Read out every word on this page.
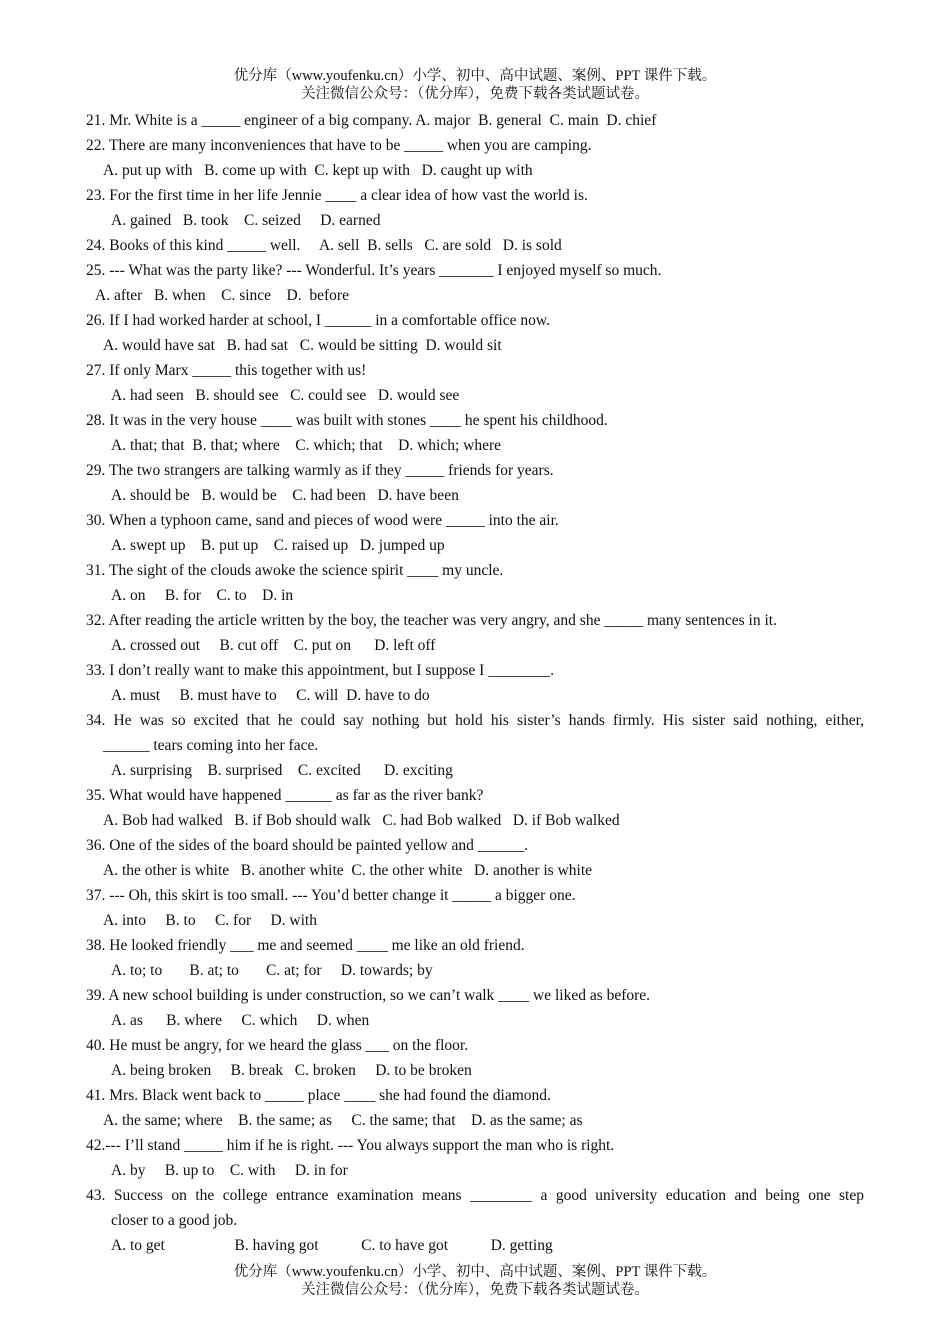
优分库（www.youfenku.cn）小学、初中、高中试题、案例、PPT 课件下载。
关注微信公众号：（优分库），免费下载各类试题试卷。
21. Mr. White is a _____ engineer of a big company. A. major  B. general  C. main  D. chief
22. There are many inconveniences that have to be _____ when you are camping.
A. put up with   B. come up with  C. kept up with   D. caught up with
23. For the first time in her life Jennie ____ a clear idea of how vast the world is.
A. gained   B. took    C. seized     D. earned
24. Books of this kind _____ well.     A. sell  B. sells   C. are sold   D. is sold
25. --- What was the party like? --- Wonderful. It’s years _______ I enjoyed myself so much.
A. after   B. when    C. since    D.  before
26. If I had worked harder at school, I ______ in a comfortable office now.
A. would have sat   B. had sat   C. would be sitting  D. would sit
27. If only Marx _____ this together with us!
A. had seen   B. should see   C. could see   D. would see
28. It was in the very house ____ was built with stones ____ he spent his childhood.
A. that; that  B. that; where    C. which; that    D. which; where
29. The two strangers are talking warmly as if they _____ friends for years.
A. should be   B. would be    C. had been   D. have been
30. When a typhoon came, sand and pieces of wood were _____ into the air.
A. swept up    B. put up    C. raised up   D. jumped up
31. The sight of the clouds awoke the science spirit ____ my uncle.
A. on     B. for    C. to    D. in
32. After reading the article written by the boy, the teacher was very angry, and she _____ many sentences in it.
A. crossed out     B. cut off    C. put on      D. left off
33. I don’t really want to make this appointment, but I suppose I ________.
A. must     B. must have to     C. will  D. have to do
34. He was so excited that he could say nothing but hold his sister’s hands firmly. His sister said nothing, either,
______ tears coming into her face.
A. surprising    B. surprised    C. excited      D. exciting
35. What would have happened ______ as far as the river bank?
A. Bob had walked   B. if Bob should walk   C. had Bob walked   D. if Bob walked
36. One of the sides of the board should be painted yellow and ______.
A. the other is white   B. another white  C. the other white   D. another is white
37. --- Oh, this skirt is too small. --- You’d better change it _____ a bigger one.
A. into     B. to     C. for     D. with
38. He looked friendly ___ me and seemed ____ me like an old friend.
A. to; to       B. at; to       C. at; for     D. towards; by
39. A new school building is under construction, so we can’t walk ____ we liked as before.
A. as      B. where     C. which     D. when
40. He must be angry, for we heard the glass ___ on the floor.
A. being broken     B. break   C. broken     D. to be broken
41. Mrs. Black went back to _____ place ____ she had found the diamond.
A. the same; where    B. the same; as     C. the same; that    D. as the same; as
42.--- I’ll stand _____ him if he is right. --- You always support the man who is right.
A. by     B. up to    C. with     D. in for
43. Success on the college entrance examination means ________ a good university education and being one step
closer to a good job.
A. to get                  B. having got           C. to have got           D. getting
优分库（www.youfenku.cn）小学、初中、高中试题、案例、PPT 课件下载。
关注微信公众号：（优分库），免费下载各类试题试卷。
